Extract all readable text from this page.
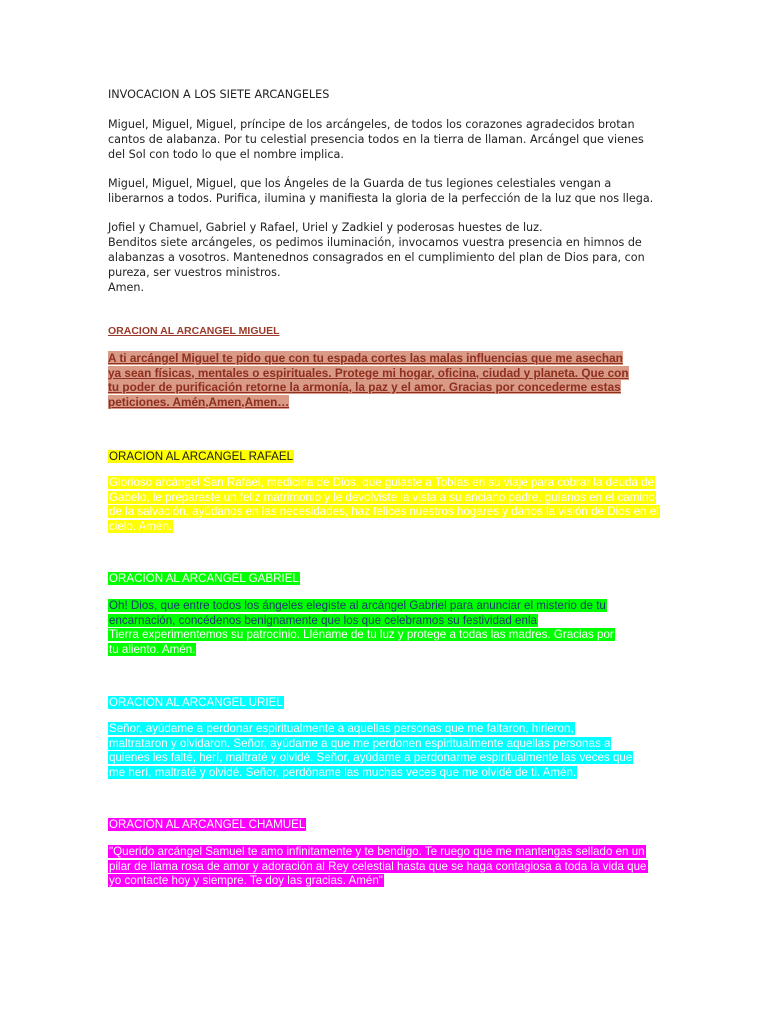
INVOCACION A LOS SIETE ARCANGELES

Miguel, Miguel, Miguel, príncipe de los arcángeles, de todos los corazones agradecidos brotan cantos de alabanza. Por tu celestial presencia todos en la tierra de llaman. Arcángel que vienes del Sol con todo lo que el nombre implica.

Miguel, Miguel, Miguel, que los Ángeles de la Guarda de tus legiones celestiales vengan a liberarnos a todos. Purifica, ilumina y manifiesta la gloria de la perfección de la luz que nos llega.

Jofiel y Chamuel, Gabriel y Rafael, Uriel y Zadkiel y poderosas huestes de luz.

Benditos siete arcángeles, os pedimos iluminación, invocamos vuestra presencia en himnos de alabanzas a vosotros. Mantenednos consagrados en el cumplimiento del plan de Dios para, con pureza, ser vuestros ministros.

Amen.

ORACION AL ARCANGEL MIGUEL
A ti arcángel Miguel te pido que con tu espada cortes las malas influencias que me asechan ya sean físicas, mentales o espirituales. Protege mi hogar, oficina, ciudad y planeta. Que con tu poder de purificación retorne la armonía, la paz y el amor. Gracias por concederme estas peticiones. Amén,Amen,Amen…
ORACION AL ARCANGEL RAFAEL
Glorioso arcángel San Rafael, medicina de Dios, que guiaste a Tobías en su viaje para cobrar la deuda de Gabelo, le preparaste un feliz matrimonio y le devolviste la vista a su anciano padre, guíanos en el camino de la salvación, ayúdanos en las necesidades, haz felices nuestros hogares y danos la visión de Dios en el cielo. Amén.
ORACION AL ARCANGEL GABRIEL
Oh! Dios, que entre todos los ángeles elegiste al arcángel Gabriel para anunciar el misterio de tu encarnación, concédenos benignamente que los que celebramos su festividad enla
Tierra experimentemos su patrocinio. Lléname de tu luz y protege a todas las madres. Gracias por tu aliento. Amén.
ORACION AL ARCANGEL URIEL
Señor, ayúdame a perdonar espiritualmente a aquellas personas que me faltaron, hirieron, maltrataron y olvidaron. Señor, ayúdame a que me perdonen espiritualmente aquellas personas a quienes les falté, herí, maltraté y olvidé. Señor, ayúdame a perdonarme espiritualmente las veces que me herí, maltraté y olvidé. Señor, perdóname las muchas veces que me olvidé de ti. Amén.
ORACION AL ARCANGEL CHAMUEL
"Querido arcángel Samuel te amo infinitamente y te bendigo. Te ruego que me mantengas sellado en un pilar de llama rosa de amor y adoración al Rey celestial hasta que se haga contagiosa a toda la vida que yo contacte hoy y siempre. Te doy las gracias. Amén"
